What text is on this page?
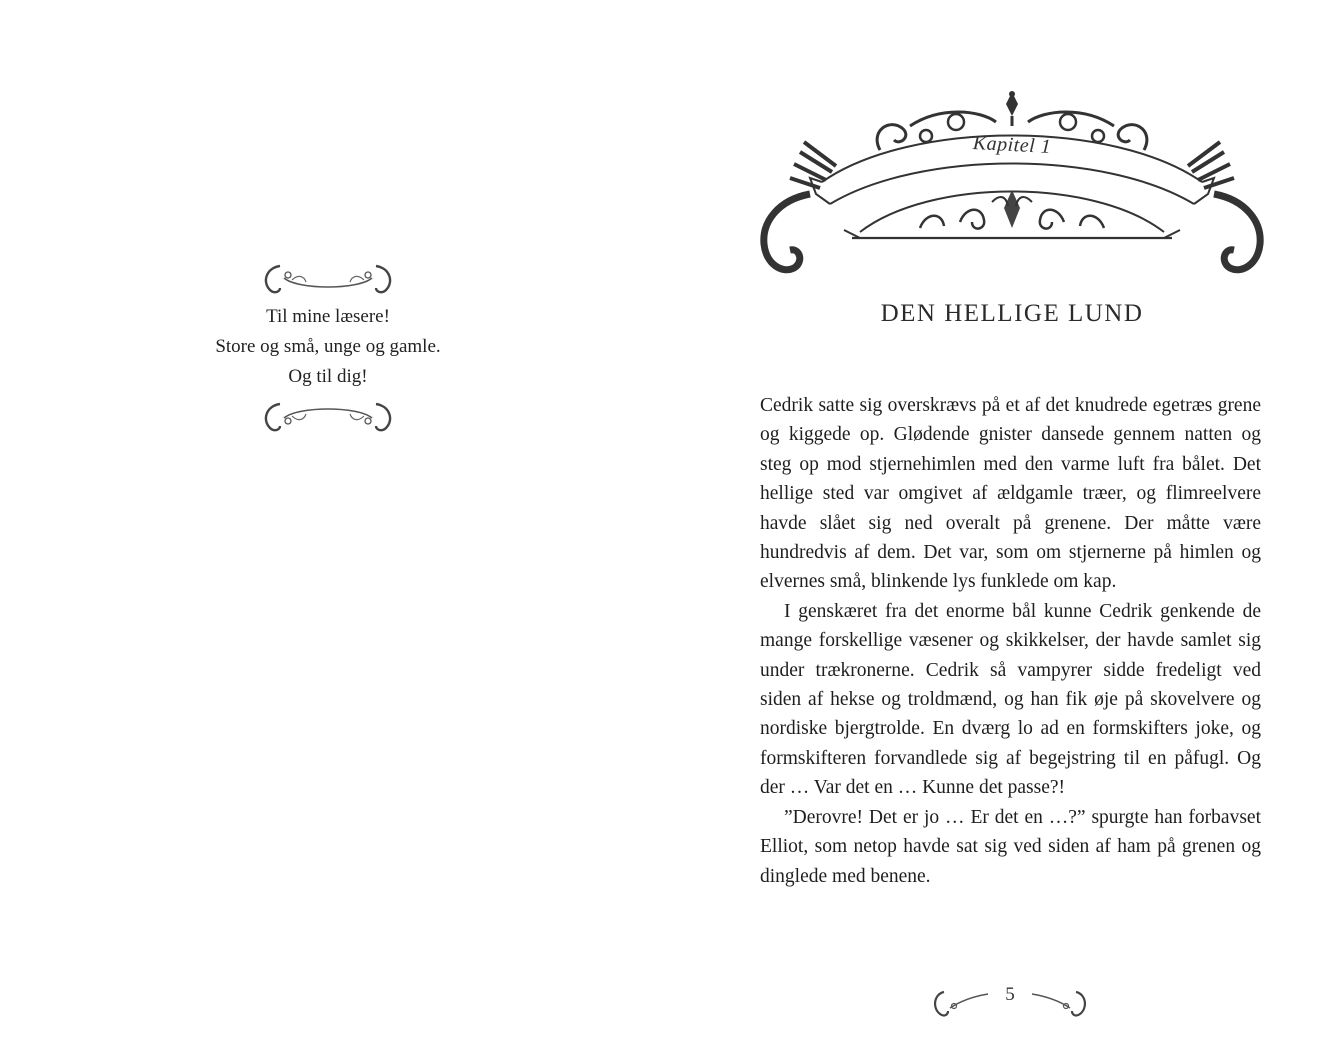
Til mine læsere!
Store og små, unge og gamle.
Og til dig!
Kapitel 1
DEN HELLIGE LUND

Cedrik satte sig overskrævs på et af det knudrede egetræs grene og kiggede op. Glødende gnister dansede gennem natten og steg op mod stjernehimlen med den varme luft fra bålet. Det hellige sted var omgivet af ældgamle træer, og flimreelvere havde slået sig ned overalt på grenene. Der måtte være hundredvis af dem. Det var, som om stjernerne på himlen og elvernes små, blinkende lys funklede om kap.

I genskæret fra det enorme bål kunne Cedrik genkende de mange forskellige væsener og skikkelser, der havde samlet sig under trækronerne. Cedrik så vampyrer sidde fredeligt ved siden af hekse og troldmænd, og han fik øje på skovelvere og nordiske bjergtrolde. En dværg lo ad en formskifters joke, og formskifteren forvandlede sig af begejstring til en påfugl. Og der … Var det en … Kunne det passe?!

”Derovre! Det er jo … Er det en …?” spurgte han forbavset Elliot, som netop havde sat sig ved siden af ham på grenen og dinglede med benene.

5
